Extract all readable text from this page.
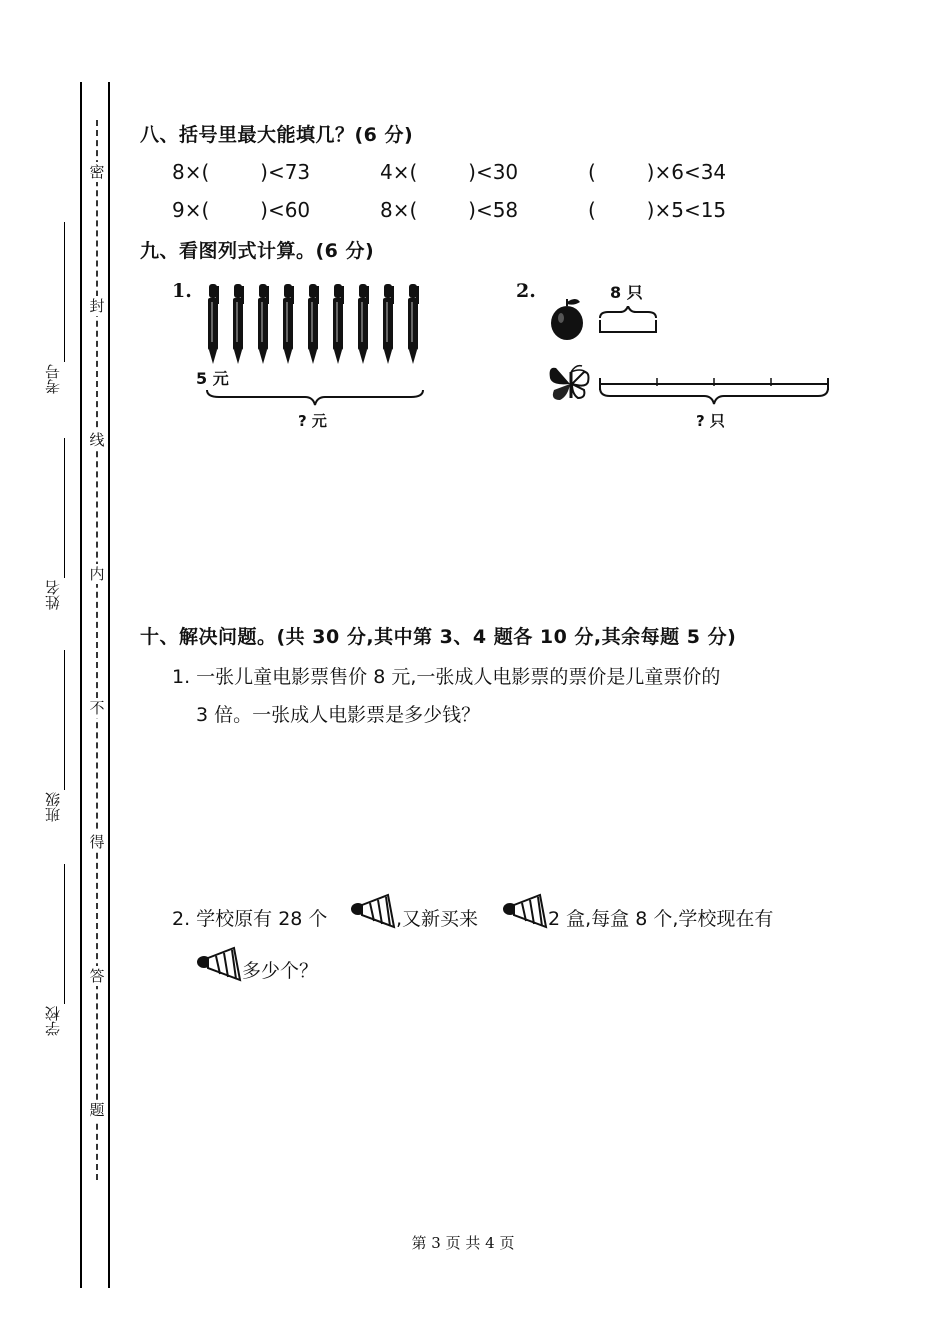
密
封
线
内
不
得
答
题
考号
姓名
班级
学校
八、括号里最大能填几？(6 分)
8×(        )<73	4×(        )<30	(        )×6<34
9×(        )<60	8×(        )<58	(        )×5<15
九、看图列式计算。(6 分)
1.
5 元
? 元
2.	8 只
? 只
十、解决问题。(共 30 分,其中第 3、4 题各 10 分,其余每题 5 分)
1. 一张儿童电影票售价 8 元,一张成人电影票的票价是儿童票价的
3 倍。一张成人电影票是多少钱？
2. 学校原有 28 个	,又新买来	2 盒,每盒 8 个,学校现在有
多少个？
第 3 页 共 4 页
